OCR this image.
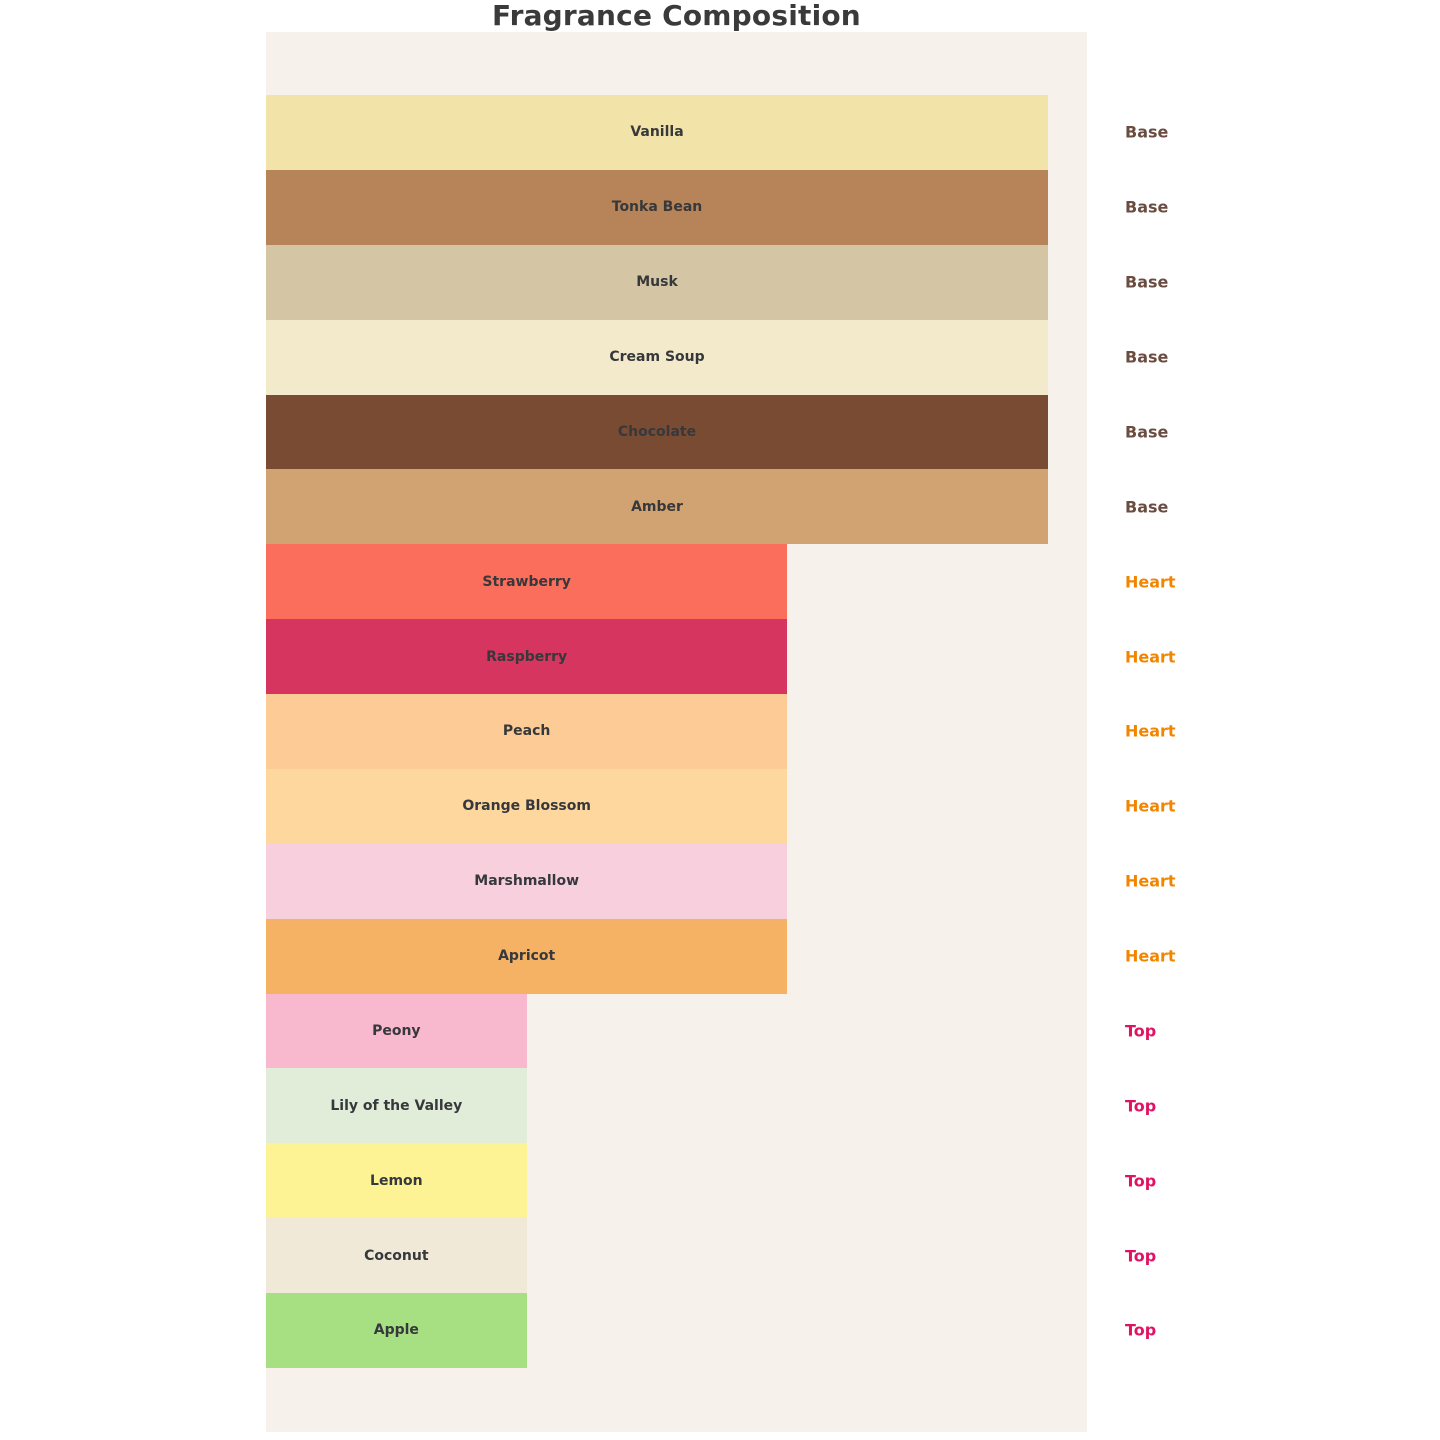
Fragrance Composition
Vanilla	Base
Tonka Bean	Base
Musk	Base
Cream Soup	Base
Chocolate	Base
Amber	Base
Strawberry	Heart
Raspberry	Heart
Peach	Heart
Orange Blossom	Heart
Marshmallow	Heart
Apricot	Heart
Peony	Top
Lily of the Valley	Top
Lemon	Top
Coconut	Top
Apple	Top
